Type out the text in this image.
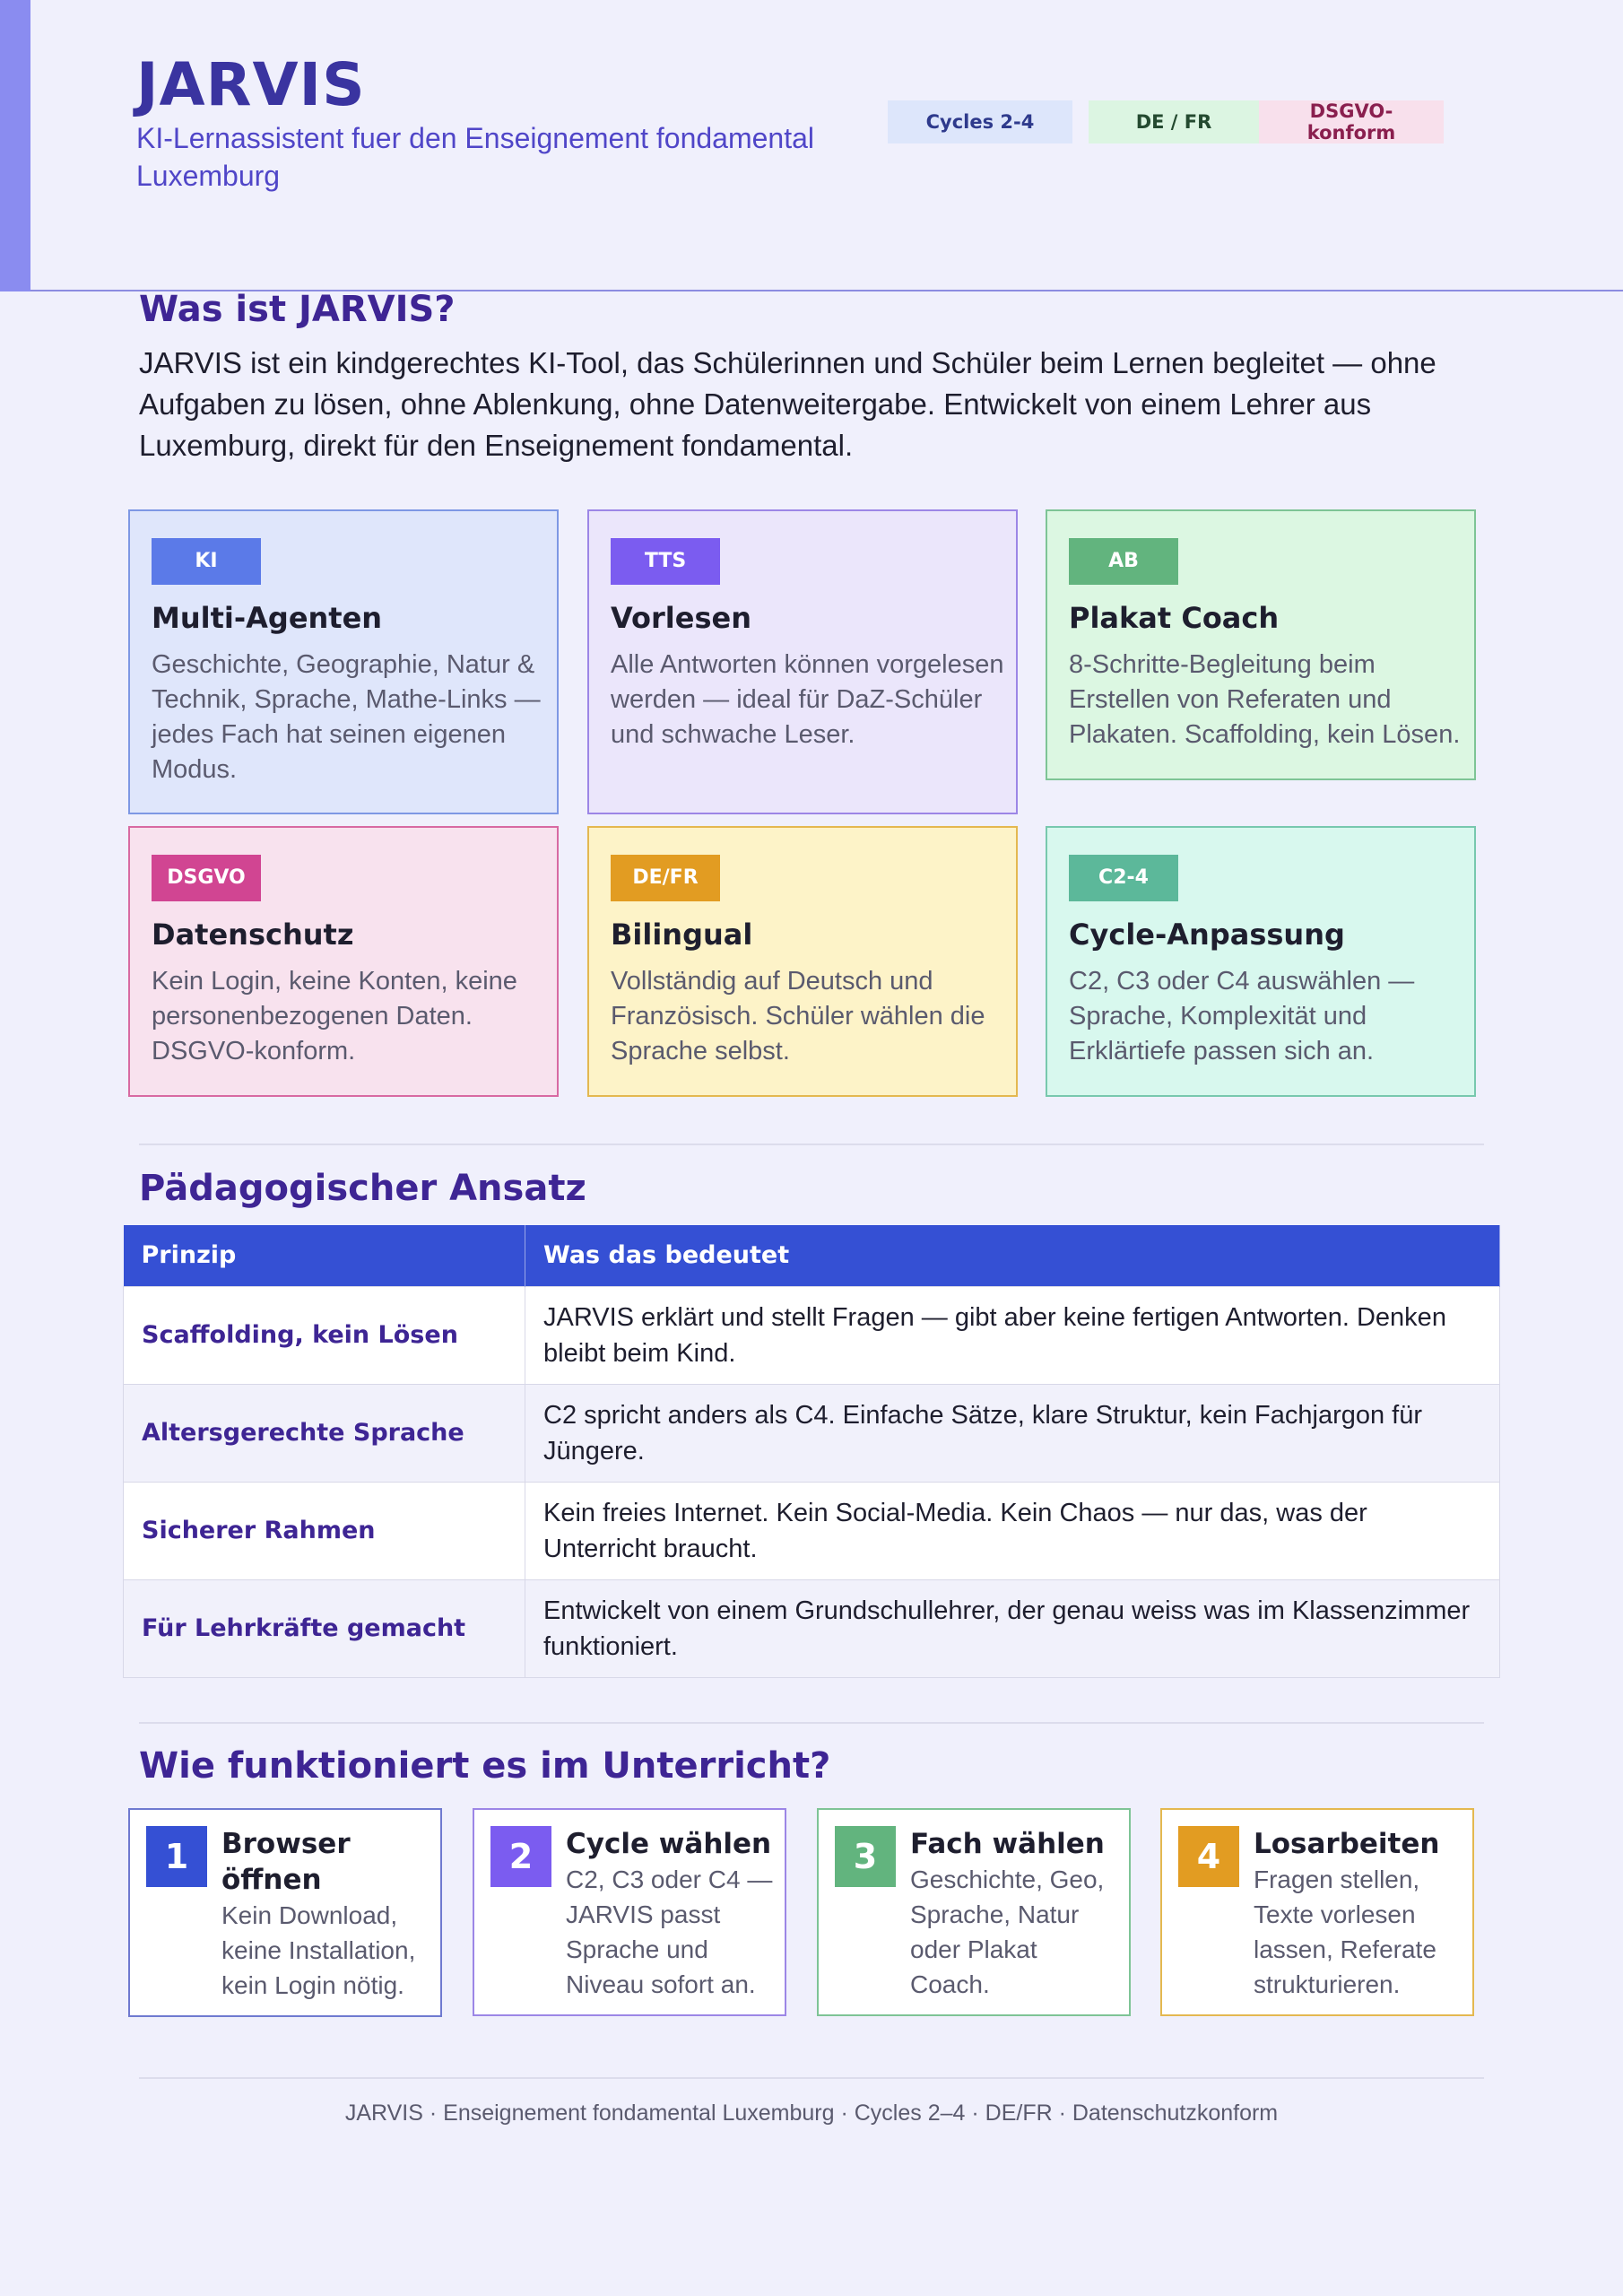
JARVIS
KI-Lernassistent fuer den Enseignement fondamental Luxemburg
Cycles 2-4	DE / FR	DSGVO-konform
Was ist JARVIS?
JARVIS ist ein kindgerechtes KI-Tool, das Schülerinnen und Schüler beim Lernen begleitet — ohne Aufgaben zu lösen, ohne Ablenkung, ohne Datenweitergabe. Entwickelt von einem Lehrer aus Luxemburg, direkt für den Enseignement fondamental.
KI
Multi-Agenten
Geschichte, Geographie, Natur & Technik, Sprache, Mathe-Links — jedes Fach hat seinen eigenen Modus.
TTS
Vorlesen
Alle Antworten können vorgelesen werden — ideal für DaZ-Schüler und schwache Leser.
AB
Plakat Coach
8-Schritte-Begleitung beim Erstellen von Referaten und Plakaten. Scaffolding, kein Lösen.
DSGVO
Datenschutz
Kein Login, keine Konten, keine personenbezogenen Daten. DSGVO-konform.
DE/FR
Bilingual
Vollständig auf Deutsch und Französisch. Schüler wählen die Sprache selbst.
C2-4
Cycle-Anpassung
C2, C3 oder C4 auswählen — Sprache, Komplexität und Erklärtiefe passen sich an.
Pädagogischer Ansatz
Prinzip	Was das bedeutet
Scaffolding, kein Lösen	JARVIS erklärt und stellt Fragen — gibt aber keine fertigen Antworten. Denken bleibt beim Kind.
Altersgerechte Sprache	C2 spricht anders als C4. Einfache Sätze, klare Struktur, kein Fachjargon für Jüngere.
Sicherer Rahmen	Kein freies Internet. Kein Social-Media. Kein Chaos — nur das, was der Unterricht braucht.
Für Lehrkräfte gemacht	Entwickelt von einem Grundschullehrer, der genau weiss was im Klassenzimmer funktioniert.
Wie funktioniert es im Unterricht?
1	Browser öffnen
Kein Download, keine Installation, kein Login nötig.
2	Cycle wählen
C2, C3 oder C4 — JARVIS passt Sprache und Niveau sofort an.
3	Fach wählen
Geschichte, Geo, Sprache, Natur oder Plakat Coach.
4	Losarbeiten
Fragen stellen, Texte vorlesen lassen, Referate strukturieren.
JARVIS · Enseignement fondamental Luxemburg · Cycles 2–4 · DE/FR · Datenschutzkonform
